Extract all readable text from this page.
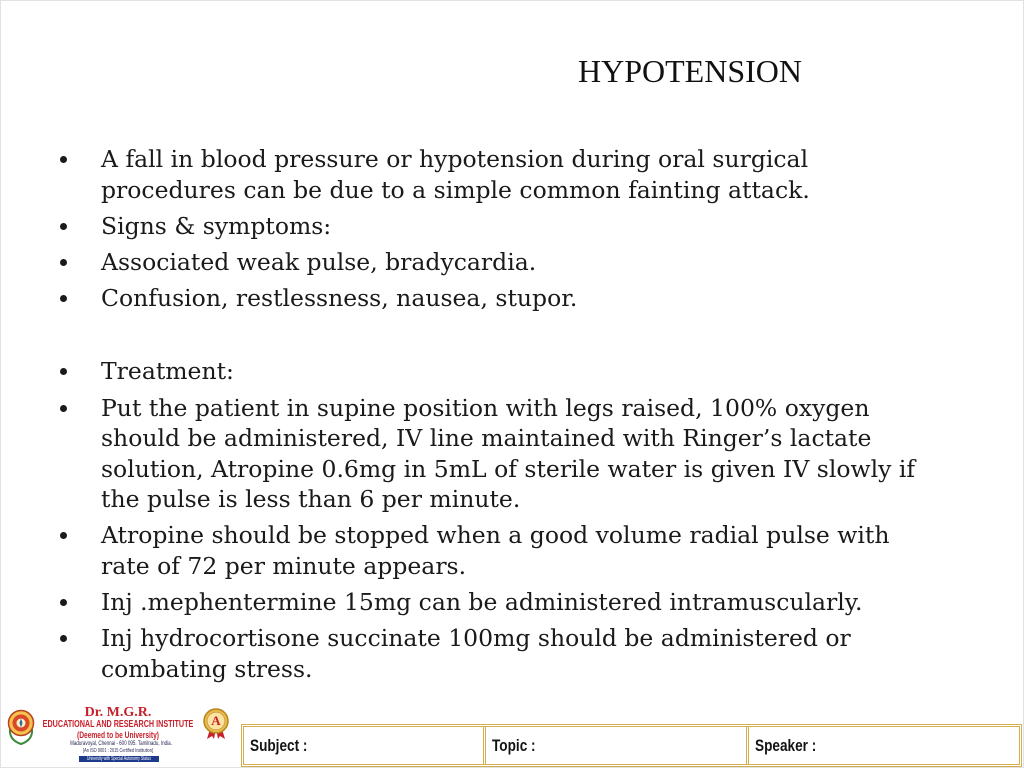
HYPOTENSION
A fall in blood pressure or hypotension during oral surgical
procedures can be due to a simple common fainting attack.
Signs & symptoms:
Associated weak pulse, bradycardia.
Confusion, restlessness, nausea, stupor.
Treatment:
Put the patient in supine position with legs raised, 100% oxygen
should be administered, IV line maintained with Ringer’s lactate
solution, Atropine 0.6mg in 5mL of sterile water is given IV slowly if
the pulse is less than 6 per minute.
Atropine should be stopped when a good volume radial pulse with
rate of 72 per minute appears.
Inj .mephentermine 15mg can be administered intramuscularly.
Inj hydrocortisone succinate 100mg should be administered or
combating stress.
Dr. M.G.R.
EDUCATIONAL AND RESEARCH INSTITUTE
(Deemed to be University)
Maduravoyal, Chennai - 600 095. Tamilnadu, India.
[An ISO 9001 : 2015 Certified Institution]
University with Special Autonomy Status
A
Subject :	Topic :	Speaker :
